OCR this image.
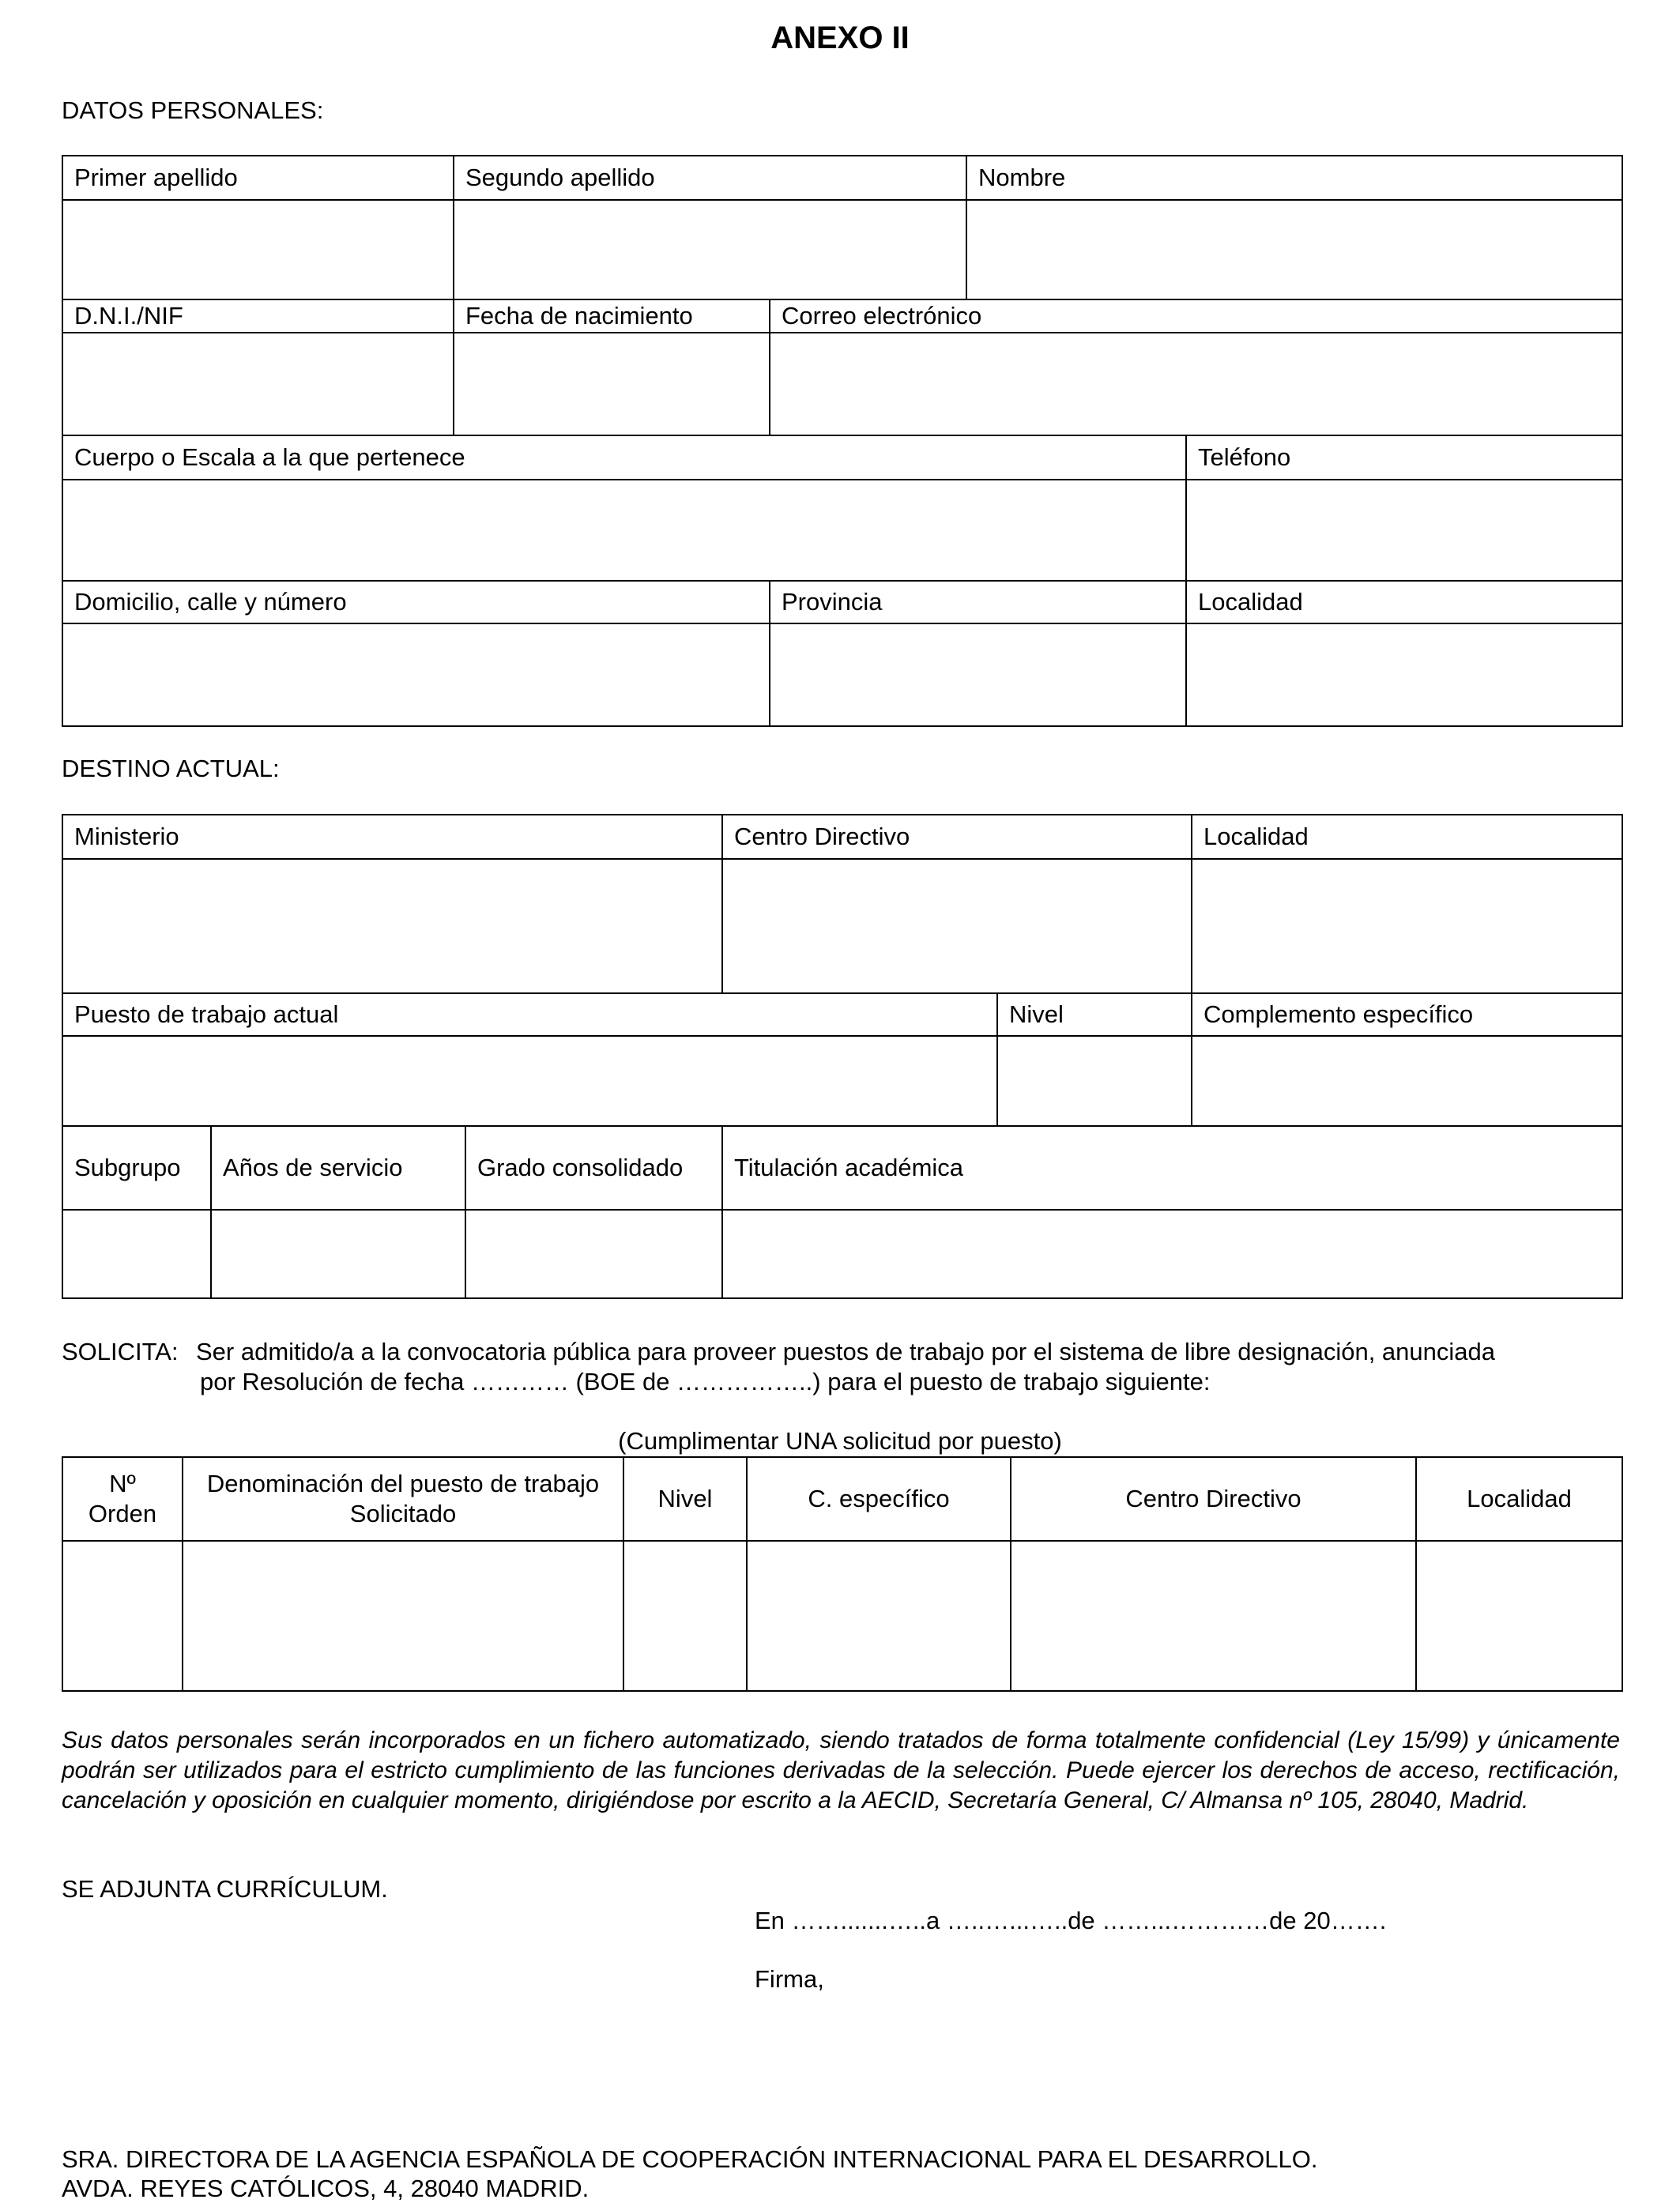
ANEXO II
DATOS PERSONALES:
Primer apellido	Segundo apellido		Nombre	

D.N.I./NIF	Fecha de nacimiento	Correo electrónico		

Cuerpo o Escala a la que pertenece				Teléfono

Domicilio, calle y número		Provincia		Localidad

DESTINO ACTUAL:
Ministerio			Centro Directivo		Localidad

Puesto de trabajo actual				Nivel	Complemento específico

Subgrupo	Años de servicio	Grado consolidado	Titulación académica		

SOLICITA: Ser admitido/a a la convocatoria pública para proveer puestos de trabajo por el sistema de libre designación, anunciada
por Resolución de fecha ………… (BOE de ……………..) para el puesto de trabajo siguiente:
(Cumplimentar UNA solicitud por puesto)
Nº Orden	Denominación del puesto de trabajo Solicitado	Nivel	C. específico	Centro Directivo	Localidad

Sus datos personales serán incorporados en un fichero automatizado, siendo tratados de forma totalmente confidencial (Ley 15/99) y únicamente podrán ser utilizados para el estricto cumplimiento de las funciones derivadas de la selección. Puede ejercer los derechos de acceso, rectificación, cancelación y oposición en cualquier momento, dirigiéndose por escrito a la AECID, Secretaría General, C/ Almansa nº 105, 28040, Madrid.
SE ADJUNTA CURRÍCULUM.
En …….......…..a …..…...…..de ……...…………de 20…….
Firma,
SRA. DIRECTORA DE LA AGENCIA ESPAÑOLA DE COOPERACIÓN INTERNACIONAL PARA EL DESARROLLO.
AVDA. REYES CATÓLICOS, 4, 28040 MADRID.
